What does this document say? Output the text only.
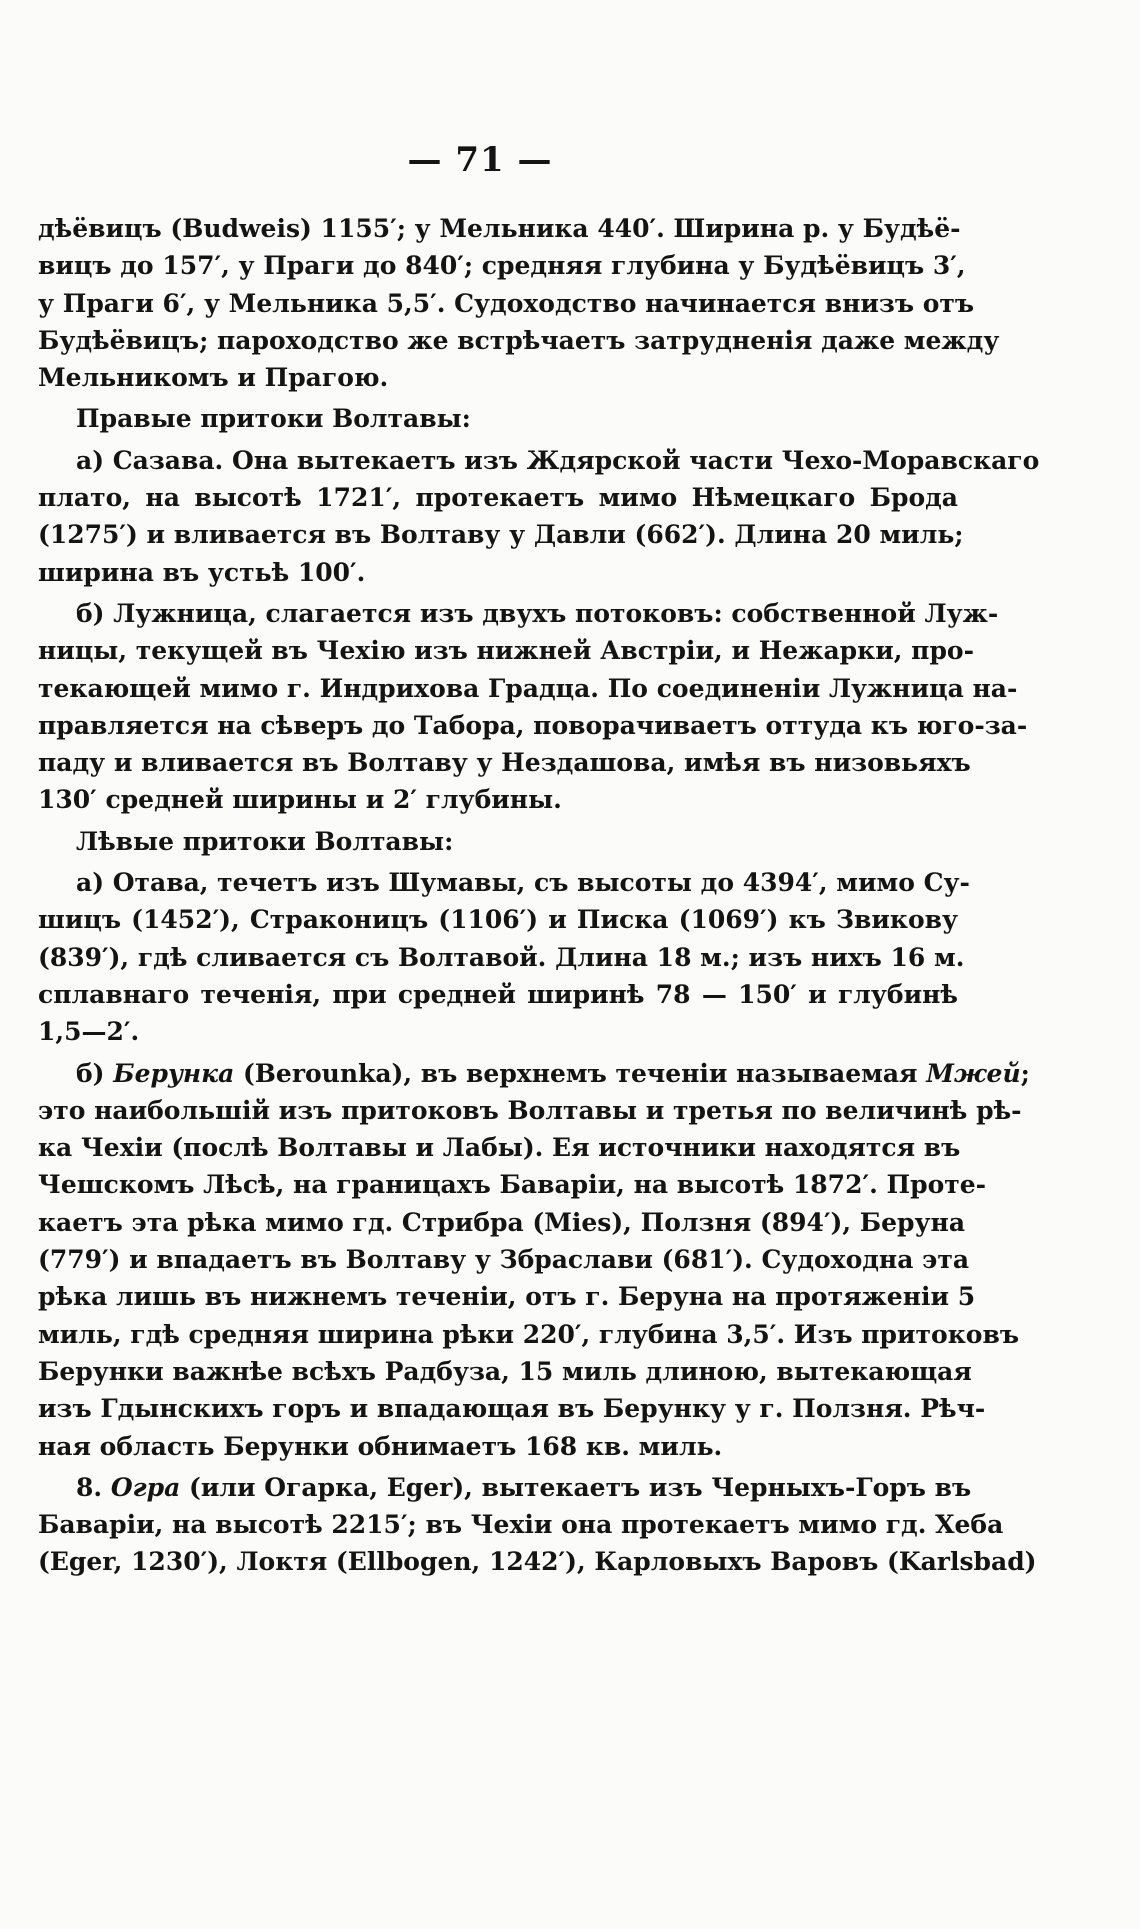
— 71 —
дѣёвицъ (Budweis) 1155′; у Мельника 440′. Ширина р. у Будѣё-
вицъ до 157′, у Праги до 840′; средняя глубина у Будѣёвицъ 3′,
у Праги 6′, у Мельника 5,5′. Судоходство начинается внизъ отъ
Будѣёвицъ; пароходство же встрѣчаетъ затрудненія даже между
Мельникомъ и Прагою.
Правые притоки Волтавы:
а) Сазава. Она вытекаетъ изъ Ждярской части Чехо-Моравскаго
плато, на высотѣ 1721′, протекаетъ мимо Нѣмецкаго Брода
(1275′) и вливается въ Волтаву у Давли (662′). Длина 20 миль;
ширина въ устьѣ 100′.
б) Лужница, слагается изъ двухъ потоковъ: собственной Луж-
ницы, текущей въ Чехію изъ нижней Австріи, и Нежарки, про-
текающей мимо г. Индрихова Градца. По соединеніи Лужница на-
правляется на сѣверъ до Табора, поворачиваетъ оттуда къ юго-за-
паду и вливается въ Волтаву у Нездашова, имѣя въ низовьяхъ
130′ средней ширины и 2′ глубины.
Лѣвые притоки Волтавы:
а) Отава, течетъ изъ Шумавы, съ высоты до 4394′, мимо Су-
шицъ (1452′), Страконицъ (1106′) и Писка (1069′) къ Звикову
(839′), гдѣ сливается съ Волтавой. Длина 18 м.; изъ нихъ 16 м.
сплавнаго теченія, при средней ширинѣ 78 — 150′ и глубинѣ
1,5—2′.
б) Берунка (Berounka), въ верхнемъ теченіи называемая Мжей;
это наибольшій изъ притоковъ Волтавы и третья по величинѣ рѣ-
ка Чехіи (послѣ Волтавы и Лабы). Ея источники находятся въ
Чешскомъ Лѣсѣ, на границахъ Баваріи, на высотѣ 1872′. Проте-
каетъ эта рѣка мимо гд. Стрибра (Mies), Ползня (894′), Беруна
(779′) и впадаетъ въ Волтаву у Збраслави (681′). Судоходна эта
рѣка лишь въ нижнемъ теченіи, отъ г. Беруна на протяженіи 5
миль, гдѣ средняя ширина рѣки 220′, глубина 3,5′. Изъ притоковъ
Берунки важнѣе всѣхъ Радбуза, 15 миль длиною, вытекающая
изъ Гдынскихъ горъ и впадающая въ Берунку у г. Ползня. Рѣч-
ная область Берунки обнимаетъ 168 кв. миль.
8. Огра (или Огарка, Eger), вытекаетъ изъ Черныхъ-Горъ въ
Баваріи, на высотѣ 2215′; въ Чехіи она протекаетъ мимо гд. Хеба
(Eger, 1230′), Локтя (Ellbogen, 1242′), Карловыхъ Варовъ (Karlsbad)
